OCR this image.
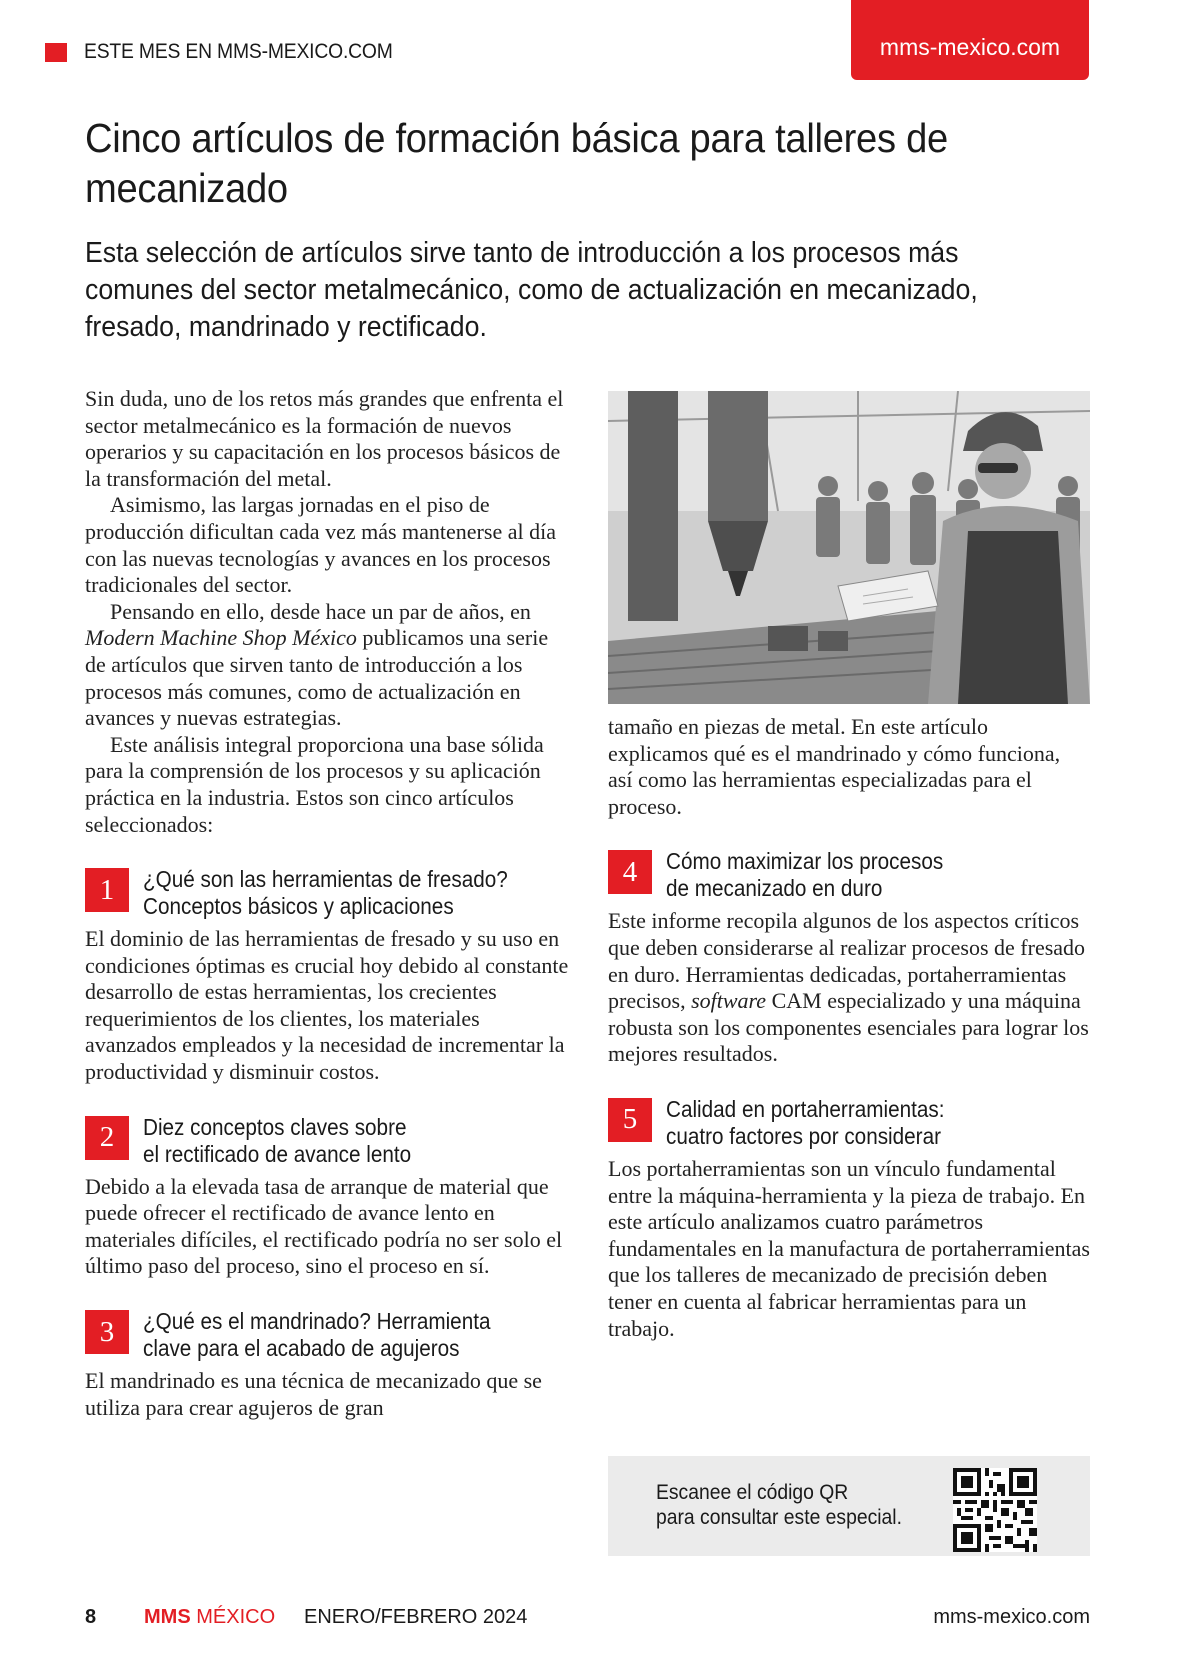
ESTE MES EN MMS-MEXICO.COM	mms-mexico.com
Cinco artículos de formación básica para talleres de mecanizado

Esta selección de artículos sirve tanto de introducción a los procesos más comunes del sector metalmecánico, como de actualización en mecanizado, fresado, mandrinado y rectificado.

Sin duda, uno de los retos más grandes que enfrenta el sector metalmecánico es la formación de nuevos operarios y su capacitación en los procesos básicos de la transformación del metal.

Asimismo, las largas jornadas en el piso de producción dificultan cada vez más mantenerse al día con las nuevas tecnologías y avances en los procesos tradicionales del sector.

Pensando en ello, desde hace un par de años, en Modern Machine Shop México publicamos una serie de artículos que sirven tanto de introducción a los procesos más comunes, como de actualización en avances y nuevas estrategias.

Este análisis integral proporciona una base sólida para la comprensión de los procesos y su aplicación práctica en la industria. Estos son cinco artículos seleccionados:

1	¿Qué son las herramientas de fresado?
Conceptos básicos y aplicaciones

El dominio de las herramientas de fresado y su uso en condiciones óptimas es crucial hoy debido al constante desarrollo de estas herramientas, los crecientes requerimientos de los clientes, los materiales avanzados empleados y la necesidad de incrementar la productividad y disminuir costos.

2	Diez conceptos claves sobre
el rectificado de avance lento

Debido a la elevada tasa de arranque de material que puede ofrecer el rectificado de avance lento en materiales difíciles, el rectificado podría no ser solo el último paso del proceso, sino el proceso en sí.

3	¿Qué es el mandrinado? Herramienta
clave para el acabado de agujeros

El mandrinado es una técnica de mecanizado que se utiliza para crear agujeros de gran

tamaño en piezas de metal. En este artículo explicamos qué es el mandrinado y cómo funciona, así como las herramientas especializadas para el proceso.

4	Cómo maximizar los procesos
de mecanizado en duro

Este informe recopila algunos de los aspectos críticos que deben considerarse al realizar procesos de fresado en duro. Herramientas dedicadas, portaherramientas precisos, software CAM especializado y una máquina robusta son los componentes esenciales para lograr los mejores resultados.

5	Calidad en portaherramientas:
cuatro factores por considerar

Los portaherramientas son un vínculo fundamental entre la máquina-herramienta y la pieza de trabajo. En este artículo analizamos cuatro parámetros fundamentales en la manufactura de portaherramientas que los talleres de mecanizado de precisión deben tener en cuenta al fabricar herramientas para un trabajo.

Escanee el código QR
para consultar este especial.
8 MMS MÉXICO ENERO/FEBRERO 2024	mms-mexico.com
